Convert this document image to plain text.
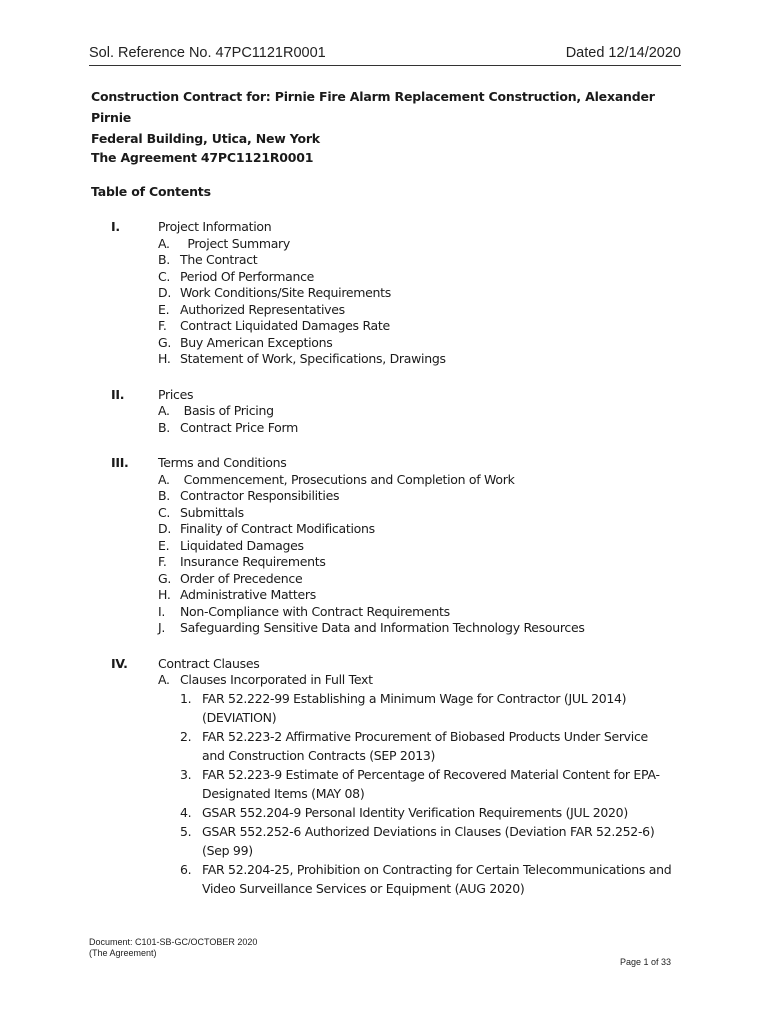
Sol. Reference No. 47PC1121R0001	Dated 12/14/2020
Construction Contract for: Pirnie Fire Alarm Replacement Construction, Alexander Pirnie
Federal Building, Utica, New York
The Agreement 47PC1121R0001
Table of Contents
I.	Project Information
A. Project Summary
B. The Contract
C. Period Of Performance
D. Work Conditions/Site Requirements
E. Authorized Representatives
F.	Contract Liquidated Damages Rate
G. Buy American Exceptions
H. Statement of Work, Specifications, Drawings
II.	Prices
A. Basis of Pricing
B. Contract Price Form
III. Terms and Conditions
A. Commencement, Prosecutions and Completion of Work
B. Contractor Responsibilities
C. Submittals
D. Finality of Contract Modifications
E. Liquidated Damages
F.	Insurance Requirements
G. Order of Precedence
H. Administrative Matters
I.	Non-Compliance with Contract Requirements
J.	Safeguarding Sensitive Data and Information Technology Resources
IV. Contract Clauses
A. Clauses Incorporated in Full Text
1. FAR 52.222-99 Establishing a Minimum Wage for Contractor (JUL 2014) (DEVIATION)
2. FAR 52.223-2 Affirmative Procurement of Biobased Products Under Service and Construction Contracts (SEP 2013)
3. FAR 52.223-9 Estimate of Percentage of Recovered Material Content for EPA-Designated Items (MAY 08)
4. GSAR 552.204-9 Personal Identity Verification Requirements (JUL 2020)
5. GSAR 552.252-6 Authorized Deviations in Clauses (Deviation FAR 52.252-6) (Sep 99)
6. FAR 52.204-25, Prohibition on Contracting for Certain Telecommunications and Video Surveillance Services or Equipment (AUG 2020)
Document: C101-SB-GC/OCTOBER 2020
(The Agreement)
Page 1 of 33
